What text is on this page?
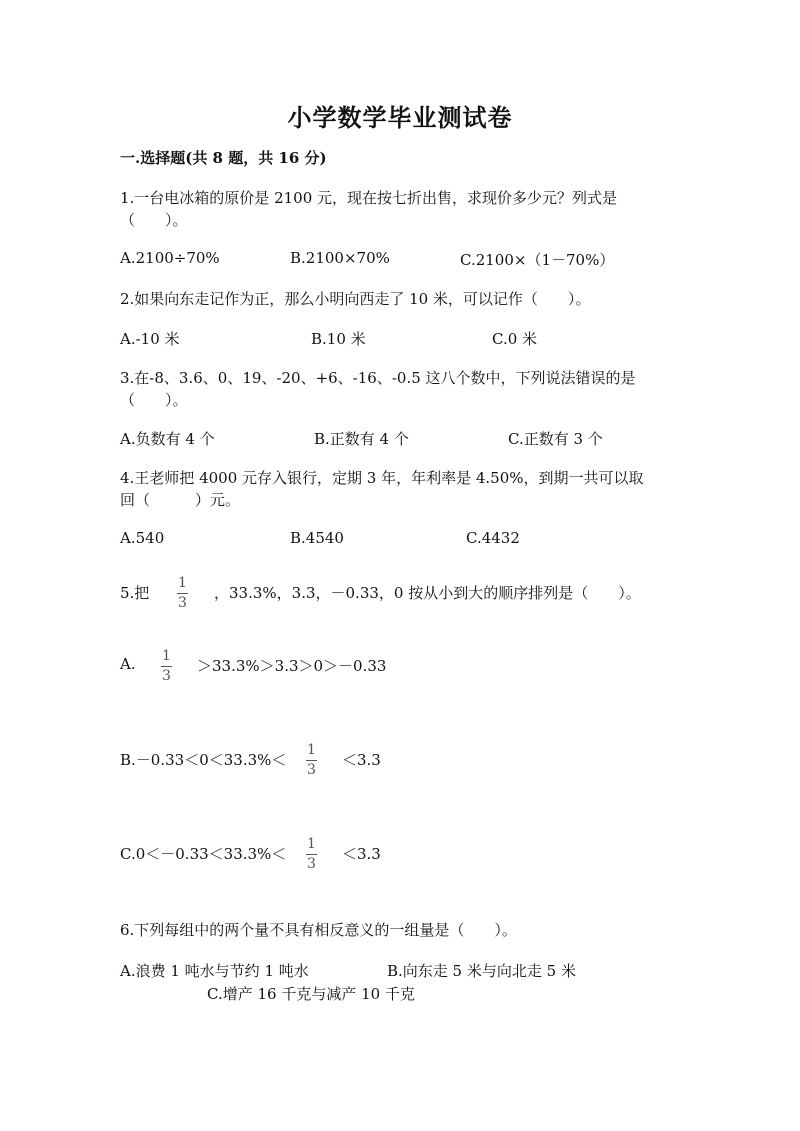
小学数学毕业测试卷
一.选择题(共 8 题，共 16 分)
1.一台电冰箱的原价是 2100 元，现在按七折出售，求现价多少元？列式是
（　　）。
A.2100÷70%	B.2100×70%	C.2100×（1－70%）
2.如果向东走记作为正，那么小明向西走了 10 米，可以记作（　　）。
A.-10 米	B.10 米	C.0 米
3.在-8、3.6、0、19、-20、+6、-16、-0.5 这八个数中，下列说法错误的是
（　　）。
A.负数有 4 个	B.正数有 4 个	C.正数有 3 个
4.王老师把 4000 元存入银行，定期 3 年，年利率是 4.50%，到期一共可以取
回（　　　）元。
A.540	B.4540	C.4432
5.把
1
3
，33.3%，3.3，－0.33，0 按从小到大的顺序排列是（　　）。
A. 1
3
＞33.3%＞3.3＞0＞－0.33
B.－0.33＜0＜33.3%＜
1
3
＜3.3
C.0＜－0.33＜33.3%＜
1
3
＜3.3
6.下列每组中的两个量不具有相反意义的一组量是（　　）。
A.浪费 1 吨水与节约 1 吨水	B.向东走 5 米与向北走 5 米
C.增产 16 千克与减产 10 千克
